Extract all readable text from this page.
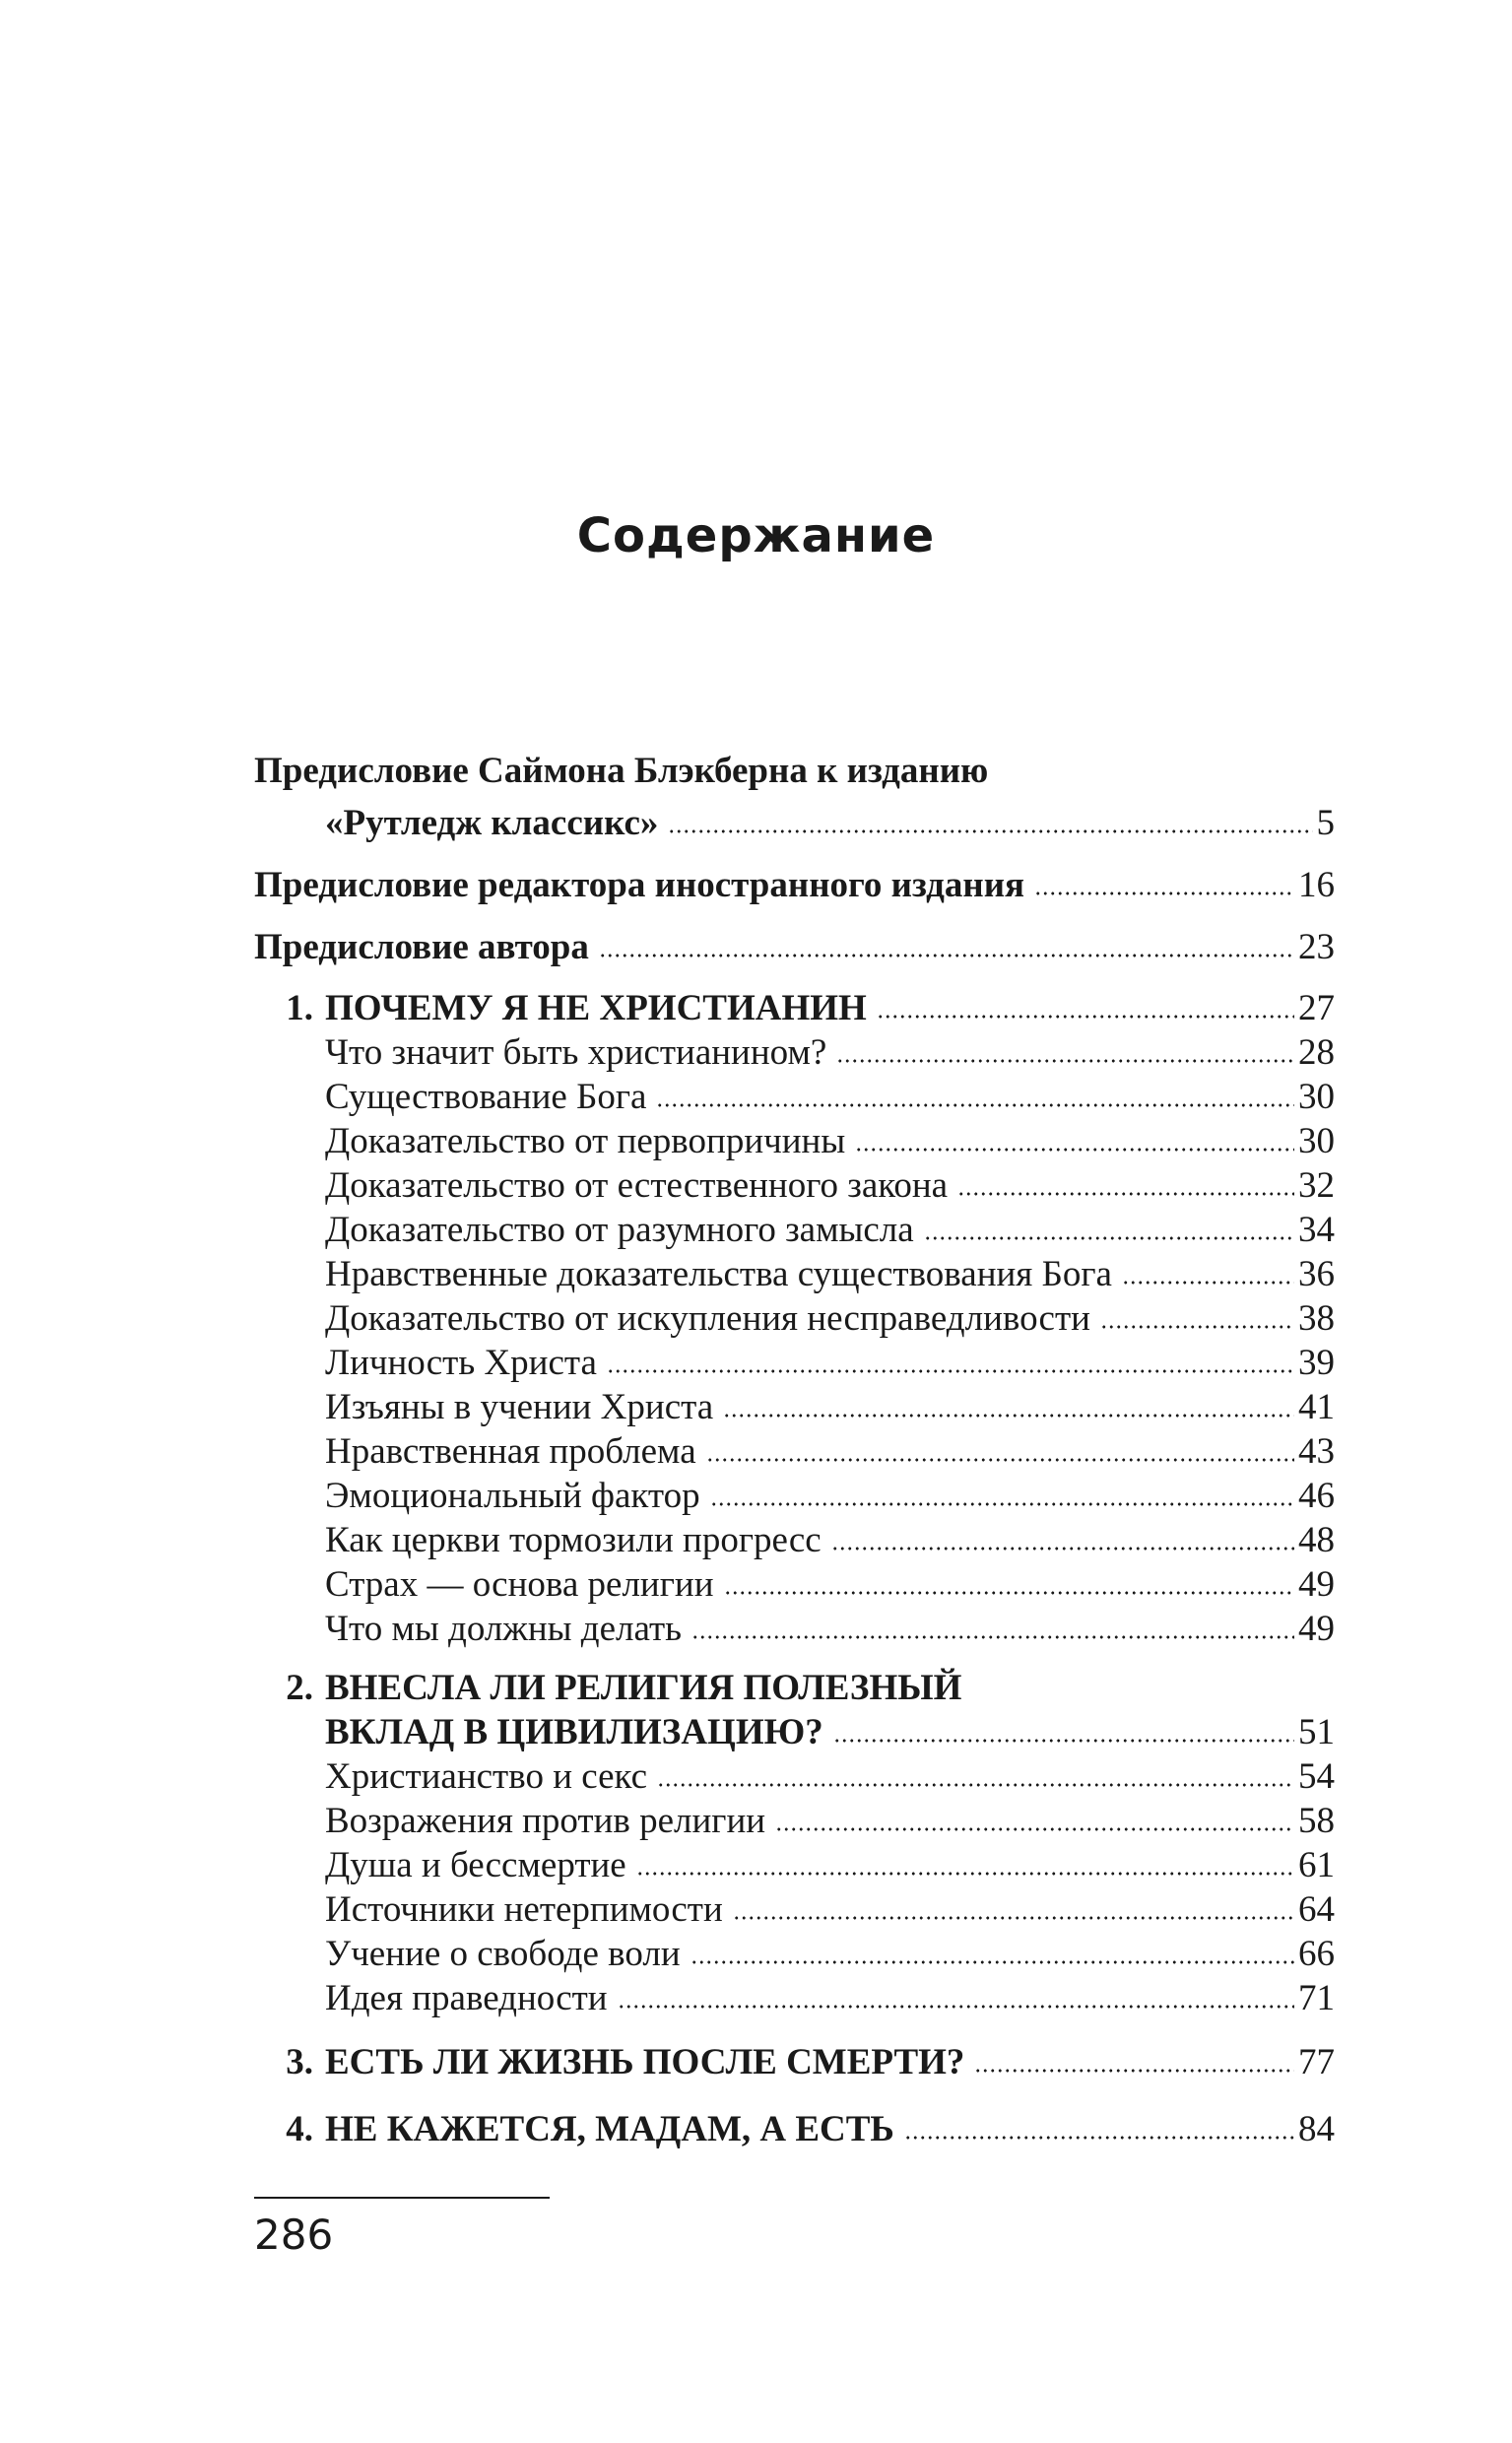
Содержание
Предисловие Саймона Блэкберна к изданию
«Рутледж классикс»	5
Предисловие редактора иностранного издания	16
Предисловие автора	23
1. ПОЧЕМУ Я НЕ ХРИСТИАНИН	27
Что значит быть христианином?	28
Существование Бога	30
Доказательство от первопричины	30
Доказательство от естественного закона	32
Доказательство от разумного замысла	34
Нравственные доказательства существования Бога	36
Доказательство от искупления несправедливости	38
Личность Христа	39
Изъяны в учении Христа	41
Нравственная проблема	43
Эмоциональный фактор	46
Как церкви тормозили прогресс	48
Страх — основа религии	49
Что мы должны делать	49
2. ВНЕСЛА ЛИ РЕЛИГИЯ ПОЛЕЗНЫЙ
ВКЛАД В ЦИВИЛИЗАЦИЮ?	51
Христианство и секс	54
Возражения против религии	58
Душа и бессмертие	61
Источники нетерпимости	64
Учение о свободе воли	66
Идея праведности	71
3. ЕСТЬ ЛИ ЖИЗНЬ ПОСЛЕ СМЕРТИ?	77
4. НЕ КАЖЕТСЯ, МАДАМ, А ЕСТЬ	84
286
